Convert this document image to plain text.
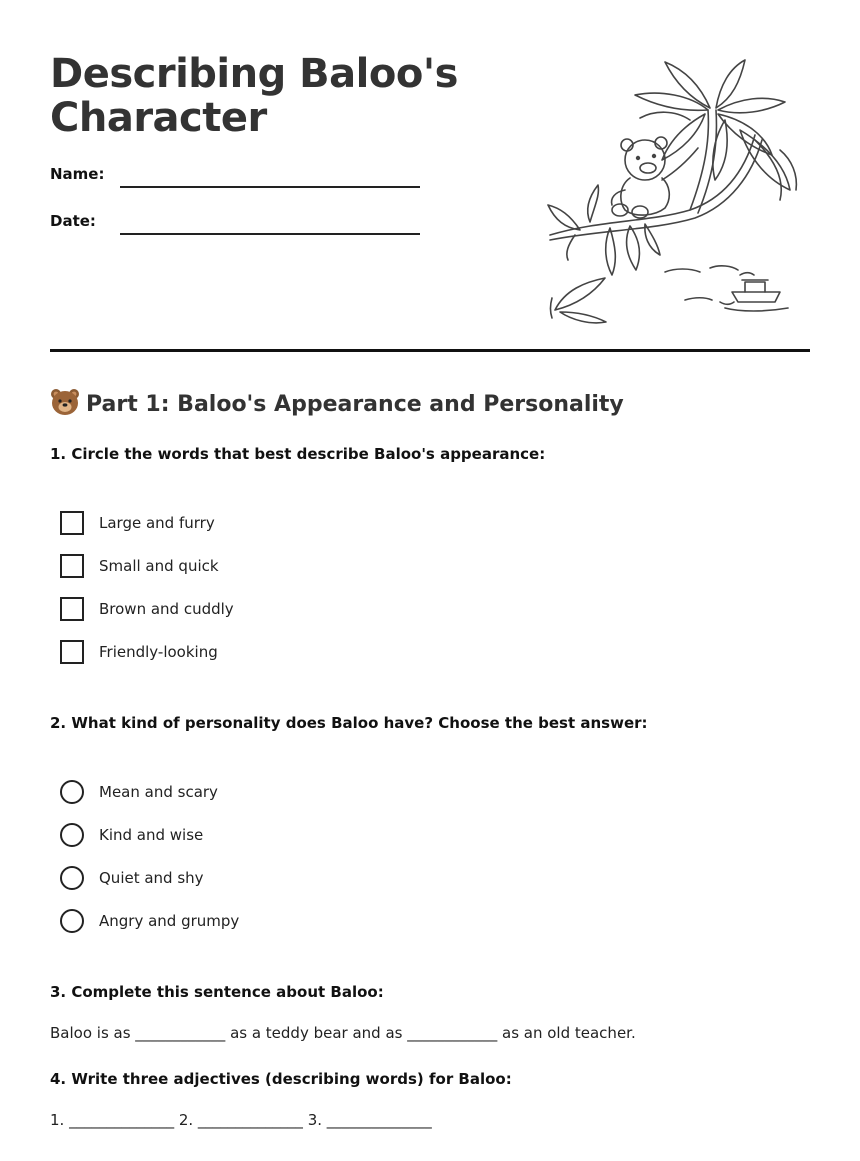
Describing Baloo's Character
Name:
Date:
Part 1: Baloo's Appearance and Personality

1. Circle the words that best describe Baloo's appearance:

Large and furry
Small and quick
Brown and cuddly
Friendly-looking

2. What kind of personality does Baloo have? Choose the best answer:

Mean and scary
Kind and wise
Quiet and shy
Angry and grumpy

3. Complete this sentence about Baloo:

Baloo is as ____________ as a teddy bear and as ____________ as an old teacher.

4. Write three adjectives (describing words) for Baloo:

1. ______________ 2. ______________ 3. ______________
